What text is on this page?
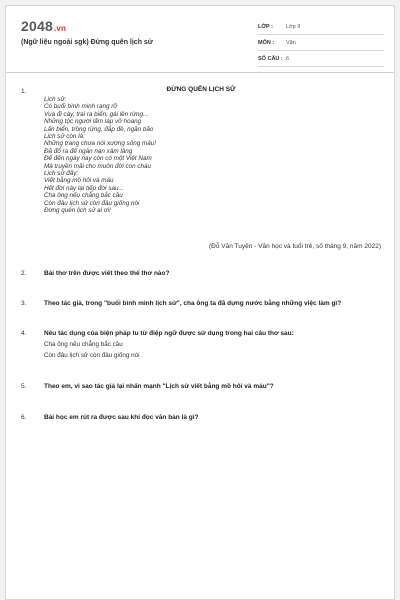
2048.vn
(Ngữ liệu ngoài sgk) Đừng quên lịch sử
LỚP :	Lớp 9
MÔN :	Văn
SỐ CÂU : 6
1.	ĐỪNG QUÊN LỊCH SỬ
Lịch sử:
Có buổi bình minh rạng rỡ
Vua đi cày, trai ra biển, gái lên rừng...
Những tộc người lấm láp vỡ hoang
Lấn biển, trồng rừng, đắp đê, ngăn bão
Lịch sử còn là:
Những trang chưa nói xương sông máu!
Đã đổ ra để ngăn nạn xâm lăng
Để đến ngày nay còn có một Việt Nam
Mà truyền mãi cho muôn đời con cháu
Lịch sử đấy:
Viết bằng mồ hôi và máu
Hết đời này lại tiếp đời sau...
Cha ông nếu chẳng bắc cầu
Còn đâu lịch sử còn đâu giống nòi
Đừng quên lịch sử ai ơi!
(Đỗ Văn Tuyến - Văn học và tuổi trẻ, số tháng 9, năm 2022)
2.	Bài thơ trên được viết theo thể thơ nào?
3.	Theo tác giả, trong "buổi bình minh lịch sử", cha ông ta đã dựng nước bằng những việc làm gì?
4.	Nêu tác dụng của biện pháp tu từ điệp ngữ được sử dụng trong hai câu thơ sau:
Cha ông nếu chẳng bắc cầu
Còn đâu lịch sử còn đâu giống nòi
5.	Theo em, vì sao tác giả lại nhấn mạnh "Lịch sử viết bằng mồ hôi và máu"?
6.	Bài học em rút ra được sau khi đọc văn bản là gì?
